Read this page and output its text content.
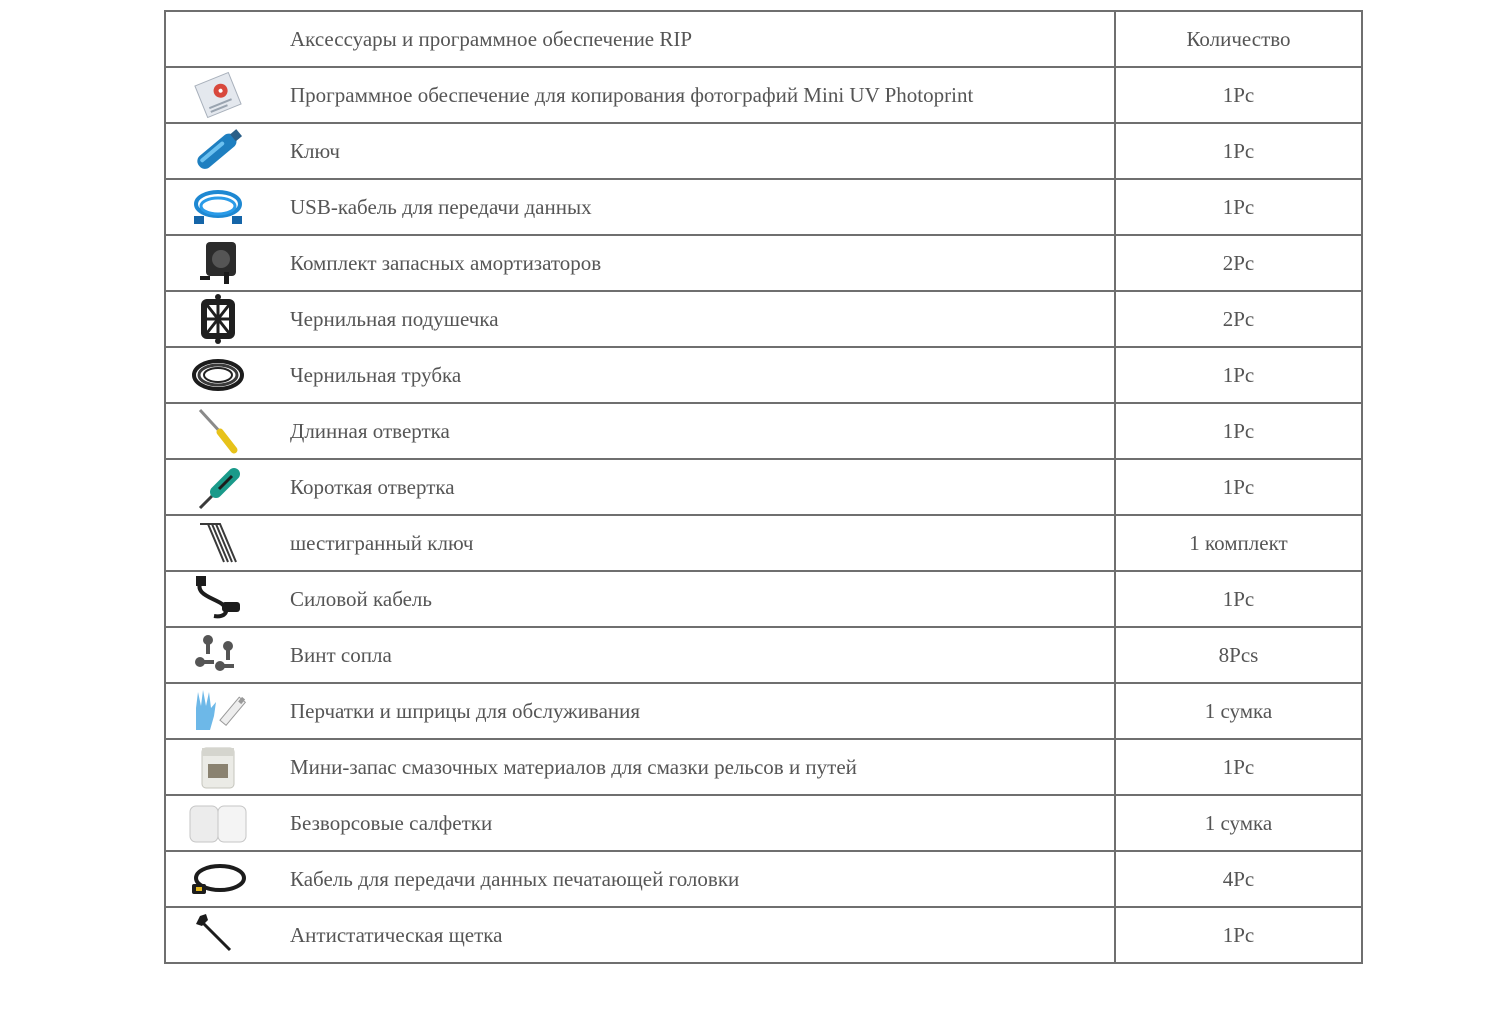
	Аксессуары и программное обеспечение RIP	Количество

	Программное обеспечение для копирования фотографий Mini UV Photoprint	1Pc

	Ключ	1Pc

	USB-кабель для передачи данных	1Pc

	Комплект запасных амортизаторов	2Pc

	Чернильная подушечка	2Pc

	Чернильная трубка	1Pc

	Длинная отвертка	1Pc

	Короткая отвертка	1Pc

	шестигранный ключ	1 комплект

	Силовой кабель	1Pc

	Винт сопла	8Pcs

	Перчатки и шприцы для обслуживания	1 сумка

	Мини-запас смазочных материалов для смазки рельсов и путей	1Pc

	Безворсовые салфетки	1 сумка

	Кабель для передачи данных печатающей головки	4Pc

	Антистатическая щетка	1Pc
